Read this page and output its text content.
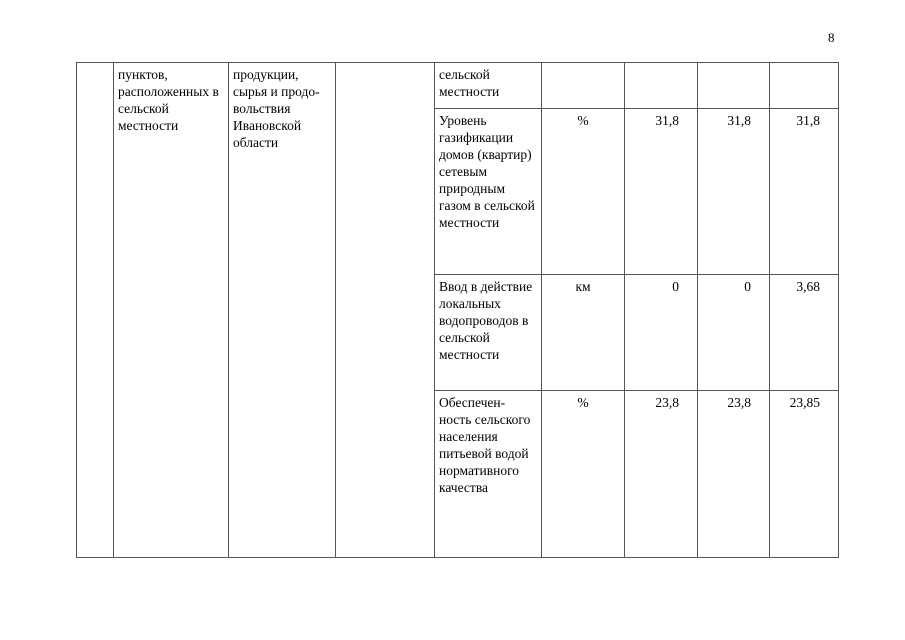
8
	пунктов, расположенных в сельской местности	продукции, сырья и продо-вольствия Ивановской области		сельской местности				
				Уровень газификации домов (квартир) сетевым природным газом в сельской местности	%	31,8	31,8	31,8
				Ввод в действие локальных водопроводов в сельской местности	км	0	0	3,68
				Обеспечен-ность сельского населения питьевой водой нормативного качества	%	23,8	23,8	23,85
